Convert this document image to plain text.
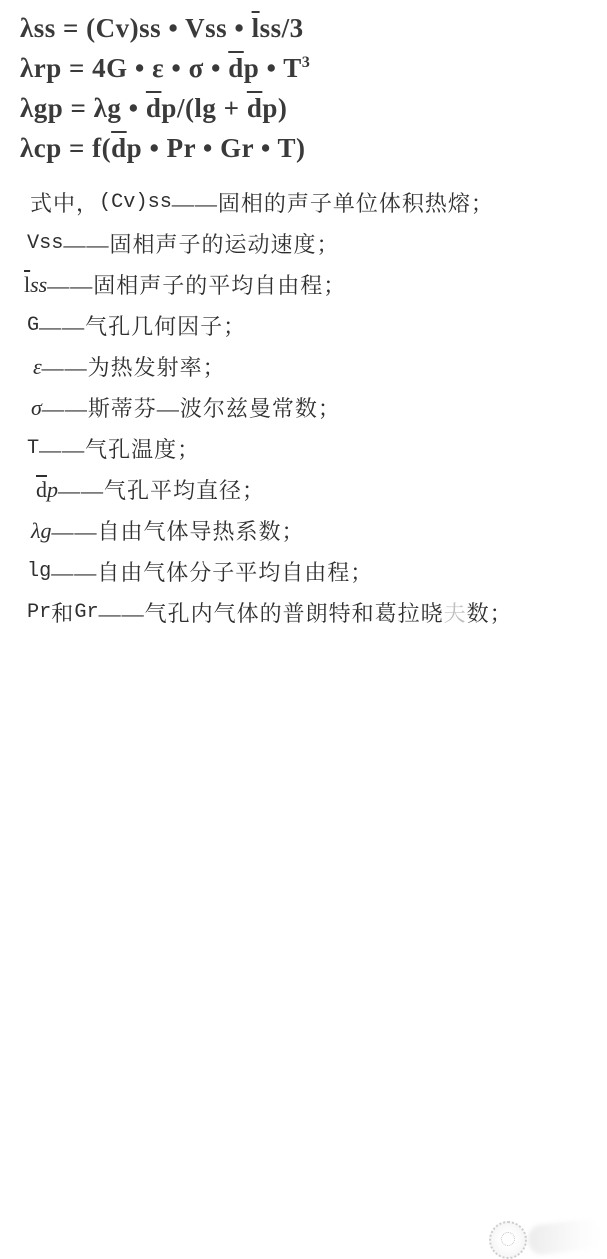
λss = (Cv)ss • Vss • $\overline{l}ss/3$
λrp = 4G • ε • σ • $\overline{d}p$ • $T^3$
λgp = λg • $\overline{d}p/(\lg + \overline{d}p)$
$\lambda cp = f(\overline{d}p$ • Pr • Gr • T)
式中， (Cv)ss ——固相的声子单位体积热熔；
Vss ——固相声子的运动速度；
$\overline{l}$ ss ——固相声子的平均自由程；
G ——气孔几何因子；
ε ——为热发射率；
σ ——斯蒂芬—波尔兹曼常数；
T ——气孔温度；
$\overline{d}$ p ——气孔平均直径；
λg ——自由气体导热系数；
lg ——自由气体分子平均自由程；
Pr 和 Gr ——气孔内气体的普朗特和葛拉晓 夫 数；
